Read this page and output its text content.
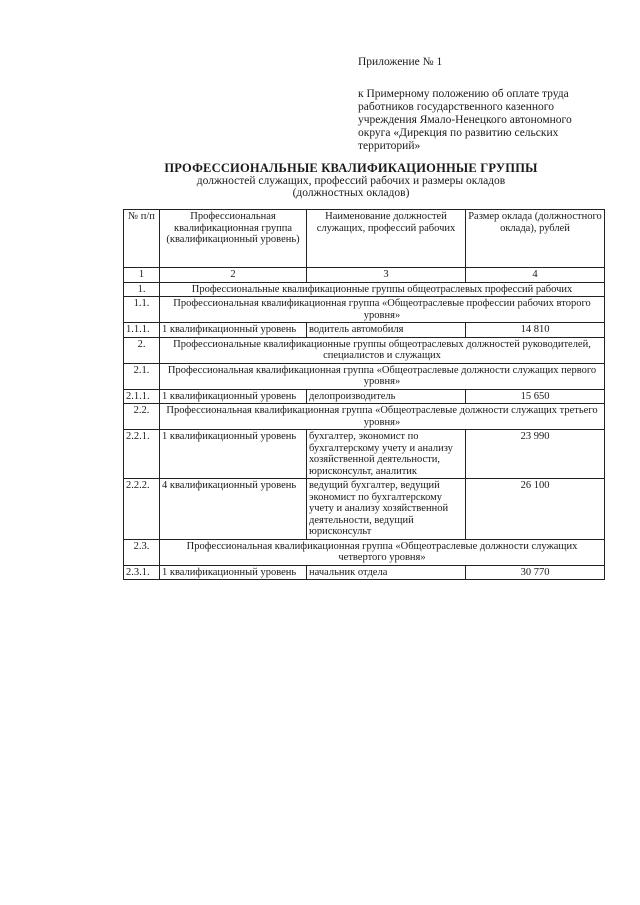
Приложение № 1
к Примерному положению об оплате труда
работников государственного казенного
учреждения Ямало-Ненецкого автономного
округа «Дирекция по развитию сельских
территорий»
ПРОФЕССИОНАЛЬНЫЕ КВАЛИФИКАЦИОННЫЕ ГРУППЫ
должностей служащих, профессий рабочих и размеры окладов
(должностных окладов)
№ п/п	Профессиональная квалификационная группа (квалификационный уровень)	Наименование должностей служащих, профессий рабочих	Размер оклада (должностного оклада), рублей
1	2	3	4
1.	Профессиональные квалификационные группы общеотраслевых профессий рабочих		
1.1.	Профессиональная квалификационная группа «Общеотраслевые профессии рабочих второго уровня»		
1.1.1.	1 квалификационный уровень	водитель автомобиля	14 810
2.	Профессиональные квалификационные группы общеотраслевых должностей руководителей, специалистов и служащих		
2.1.	Профессиональная квалификационная группа «Общеотраслевые должности служащих первого уровня»		
2.1.1.	1 квалификационный уровень	делопроизводитель	15 650
2.2.	Профессиональная квалификационная группа «Общеотраслевые должности служащих третьего уровня»		
2.2.1.	1 квалификационный уровень	бухгалтер, экономист по бухгалтерскому учету и анализу хозяйственной деятельности, юрисконсульт, аналитик	23 990
2.2.2.	4 квалификационный уровень	ведущий бухгалтер, ведущий экономист по бухгалтерскому учету и анализу хозяйственной деятельности, ведущий юрисконсульт	26 100
2.3.	Профессиональная квалификационная группа «Общеотраслевые должности служащих четвертого уровня»		
2.3.1.	1 квалификационный уровень	начальник отдела	30 770
